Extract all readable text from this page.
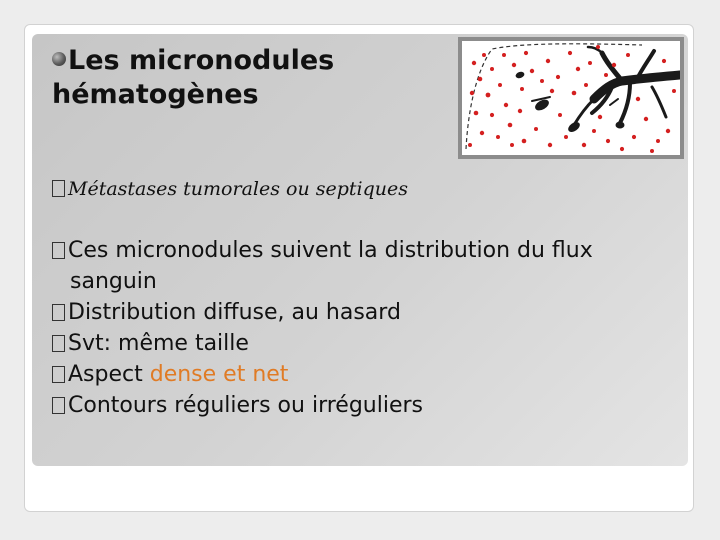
Les micronodules
hématogènes
Métastases tumorales ou septiques
Ces micronodules suivent la distribution du flux sanguin
Distribution diffuse, au hasard
Svt: même taille
Aspect dense et net
Contours réguliers ou irréguliers
